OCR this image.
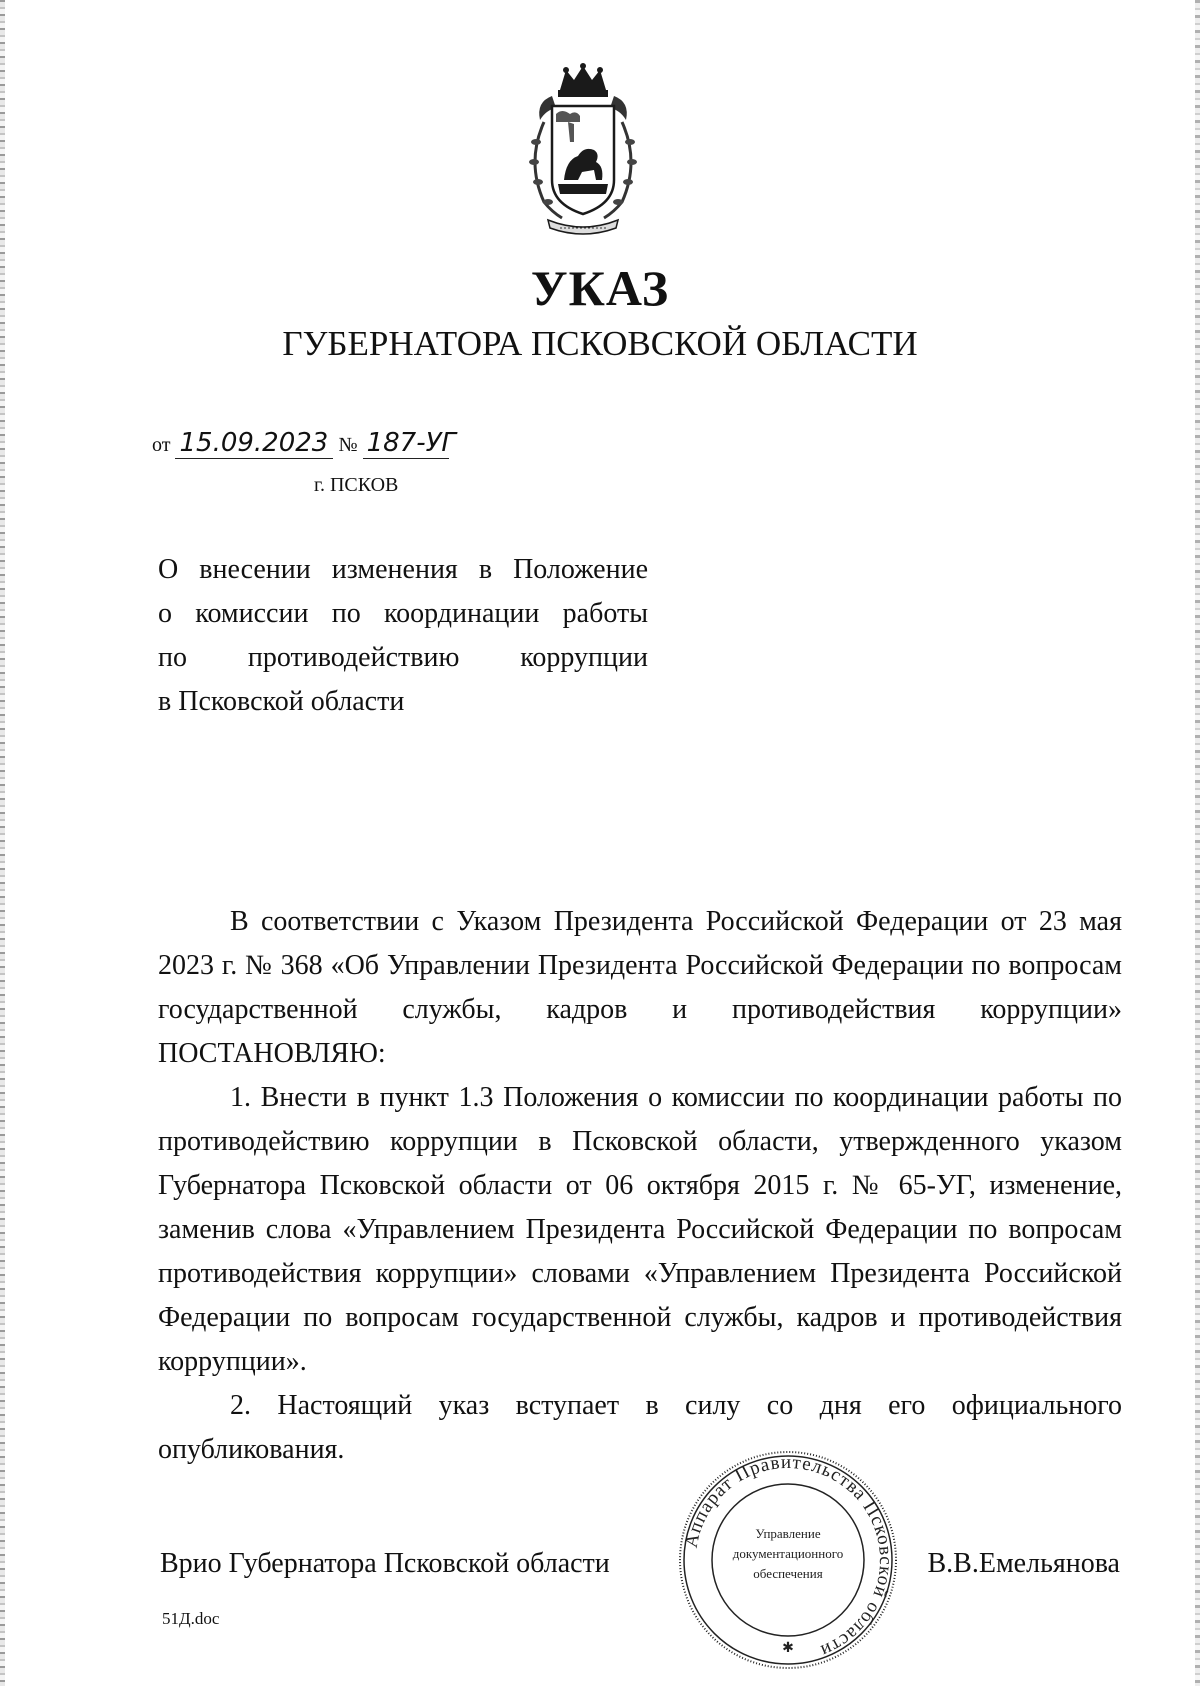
УКАЗ
ГУБЕРНАТОРА ПСКОВСКОЙ ОБЛАСТИ
от 15.09.2023 № 187-УГ
г. ПСКОВ
О внесении изменения в Положение
о комиссии по координации работы
по противодействию коррупции
в Псковской области

В соответствии с Указом Президента Российской Федерации от 23 мая 2023 г. № 368 «Об Управлении Президента Российской Федерации по вопросам государственной службы, кадров и противодействия коррупции» ПОСТАНОВЛЯЮ:

1. Внести в пункт 1.3 Положения о комиссии по координации работы по противодействию коррупции в Псковской области, утвержденного указом Губернатора Псковской области от 06 октября 2015 г. № 65-УГ, изменение, заменив слова «Управлением Президента Российской Федерации по вопросам противодействия коррупции» словами «Управлением Президента Российской Федерации по вопросам государственной службы, кадров и противодействия коррупции».

2. Настоящий указ вступает в силу со дня его официального опубликования.

Врио Губернатора Псковской области
Аппарат Правительства Псковской области
Управление документационного обеспечения
✱
В.В.Емельянова
51Д.doc
